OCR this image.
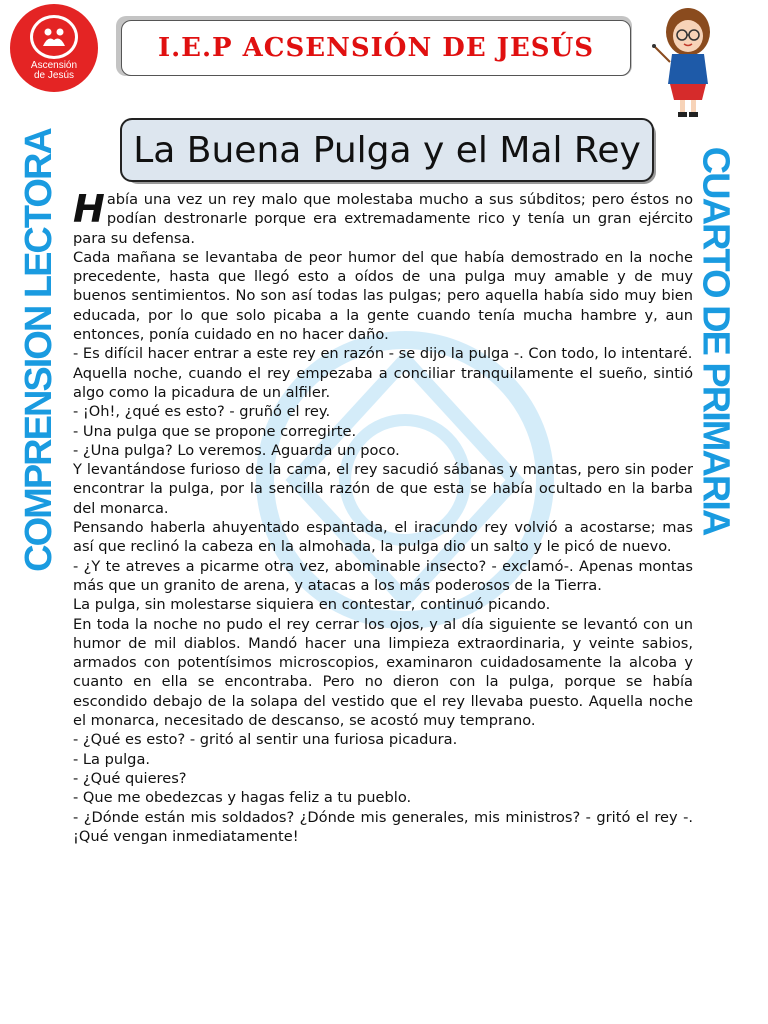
Ascensión
de Jesús
I.E.P ACSENSIÓN DE JESÚS
La Buena Pulga y el Mal Rey
COMPRENSION LECTORA	CUARTO DE PRIMARIA

Había una vez un rey malo que molestaba mucho a sus súbditos; pero éstos no podían destronarle porque era extremadamente rico y tenía un gran ejército para su defensa.

Cada mañana se levantaba de peor humor del que había demostrado en la noche precedente, hasta que llegó esto a oídos de una pulga muy amable y de muy buenos sentimientos. No son así todas las pulgas; pero aquella había sido muy bien educada, por lo que solo picaba a la gente cuando tenía mucha hambre y, aun entonces, ponía cuidado en no hacer daño.

- Es difícil hacer entrar a este rey en razón - se dijo la pulga -. Con todo, lo intentaré.

Aquella noche, cuando el rey empezaba a conciliar tranquilamente el sueño, sintió algo como la picadura de un alfiler.

- ¡Oh!, ¿qué es esto? - gruñó el rey.

- Una pulga que se propone corregirte.

- ¿Una pulga? Lo veremos. Aguarda un poco.

Y levantándose furioso de la cama, el rey sacudió sábanas y mantas, pero sin poder encontrar la pulga, por la sencilla razón de que esta se había ocultado en la barba del monarca.

Pensando haberla ahuyentado espantada, el iracundo rey volvió a acostarse; mas así que reclinó la cabeza en la almohada, la pulga dio un salto y le picó de nuevo.

- ¿Y te atreves a picarme otra vez, abominable insecto? - exclamó-. Apenas montas más que un granito de arena, y atacas a los más poderosos de la Tierra.

La pulga, sin molestarse siquiera en contestar, continuó picando.

En toda la noche no pudo el rey cerrar los ojos, y al día siguiente se levantó con un humor de mil diablos. Mandó hacer una limpieza extraordinaria, y veinte sabios, armados con potentísimos microscopios, examinaron cuidadosamente la alcoba y cuanto en ella se encontraba. Pero no dieron con la pulga, porque se había escondido debajo de la solapa del vestido que el rey llevaba puesto. Aquella noche el monarca, necesitado de descanso, se acostó muy temprano.

- ¿Qué es esto? - gritó al sentir una furiosa picadura.

- La pulga.

- ¿Qué quieres?

- Que me obedezcas y hagas feliz a tu pueblo.

- ¿Dónde están mis soldados? ¿Dónde mis generales, mis ministros? - gritó el rey -. ¡Qué vengan inmediatamente!
